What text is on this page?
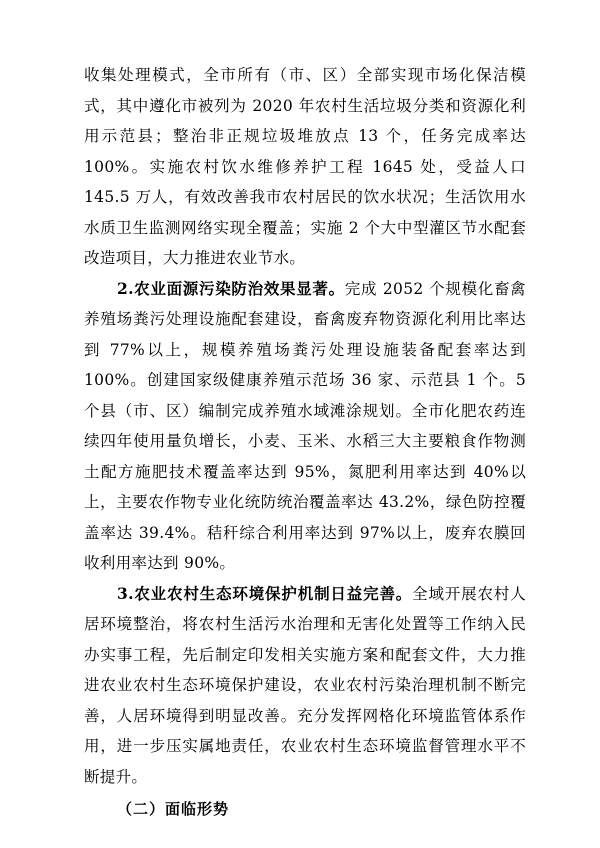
收集处理模式，全市所有（市、区）全部实现市场化保洁模式，其中遵化市被列为 2020 年农村生活垃圾分类和资源化利用示范县；整治非正规垃圾堆放点 13 个，任务完成率达 100%。实施农村饮水维修养护工程 1645 处，受益人口 145.5 万人，有效改善我市农村居民的饮水状况；生活饮用水水质卫生监测网络实现全覆盖；实施 2 个大中型灌区节水配套改造项目，大力推进农业节水。

2.农业面源污染防治效果显著。完成 2052 个规模化畜禽养殖场粪污处理设施配套建设，畜禽废弃物资源化利用比率达到 77%以上，规模养殖场粪污处理设施装备配套率达到 100%。创建国家级健康养殖示范场 36 家、示范县 1 个。5 个县（市、区）编制完成养殖水域滩涂规划。全市化肥农药连续四年使用量负增长，小麦、玉米、水稻三大主要粮食作物测土配方施肥技术覆盖率达到 95%，氮肥利用率达到 40%以上，主要农作物专业化统防统治覆盖率达 43.2%，绿色防控覆盖率达 39.4%。秸秆综合利用率达到 97%以上，废弃农膜回收利用率达到 90%。

3.农业农村生态环境保护机制日益完善。全域开展农村人居环境整治，将农村生活污水治理和无害化处置等工作纳入民办实事工程，先后制定印发相关实施方案和配套文件，大力推进农业农村生态环境保护建设，农业农村污染治理机制不断完善，人居环境得到明显改善。充分发挥网格化环境监管体系作用，进一步压实属地责任，农业农村生态环境监督管理水平不断提升。

（二）面临形势
